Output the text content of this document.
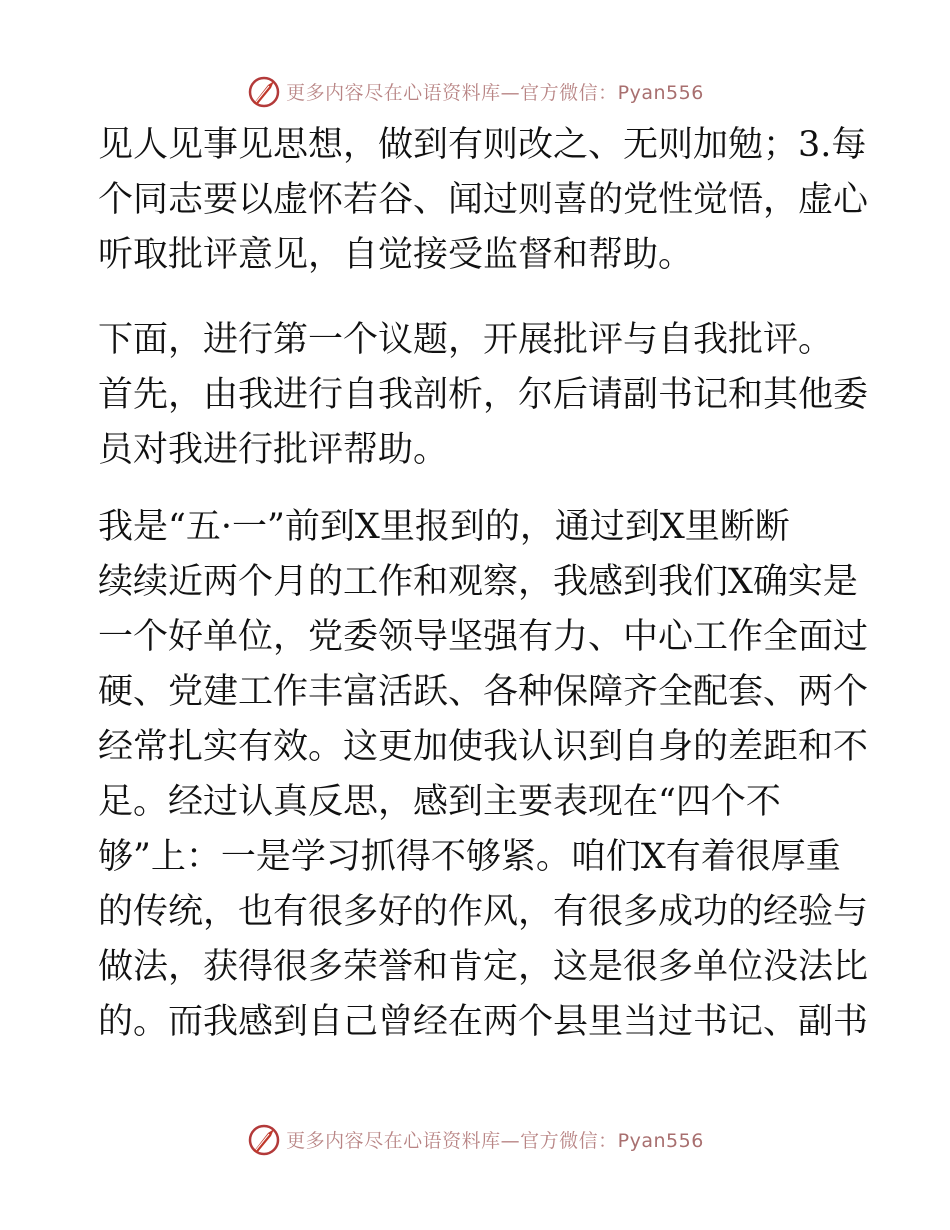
更多内容尽在心语资料库—官方微信：Pyan556
见人见事见思想，做到有则改之、无则加勉；3.每
个同志要以虚怀若谷、闻过则喜的党性觉悟，虚心
听取批评意见，自觉接受监督和帮助。
下面，进行第一个议题，开展批评与自我批评。
首先，由我进行自我剖析，尔后请副书记和其他委
员对我进行批评帮助。
我是“五·一”前到X里报到的，通过到X里断断
续续近两个月的工作和观察，我感到我们X确实是
一个好单位，党委领导坚强有力、中心工作全面过
硬、党建工作丰富活跃、各种保障齐全配套、两个
经常扎实有效。这更加使我认识到自身的差距和不
足。经过认真反思，感到主要表现在“四个不
够”上：一是学习抓得不够紧。咱们X有着很厚重
的传统，也有很多好的作风，有很多成功的经验与
做法，获得很多荣誉和肯定，这是很多单位没法比
的。而我感到自己曾经在两个县里当过书记、副书
更多内容尽在心语资料库—官方微信：Pyan556
